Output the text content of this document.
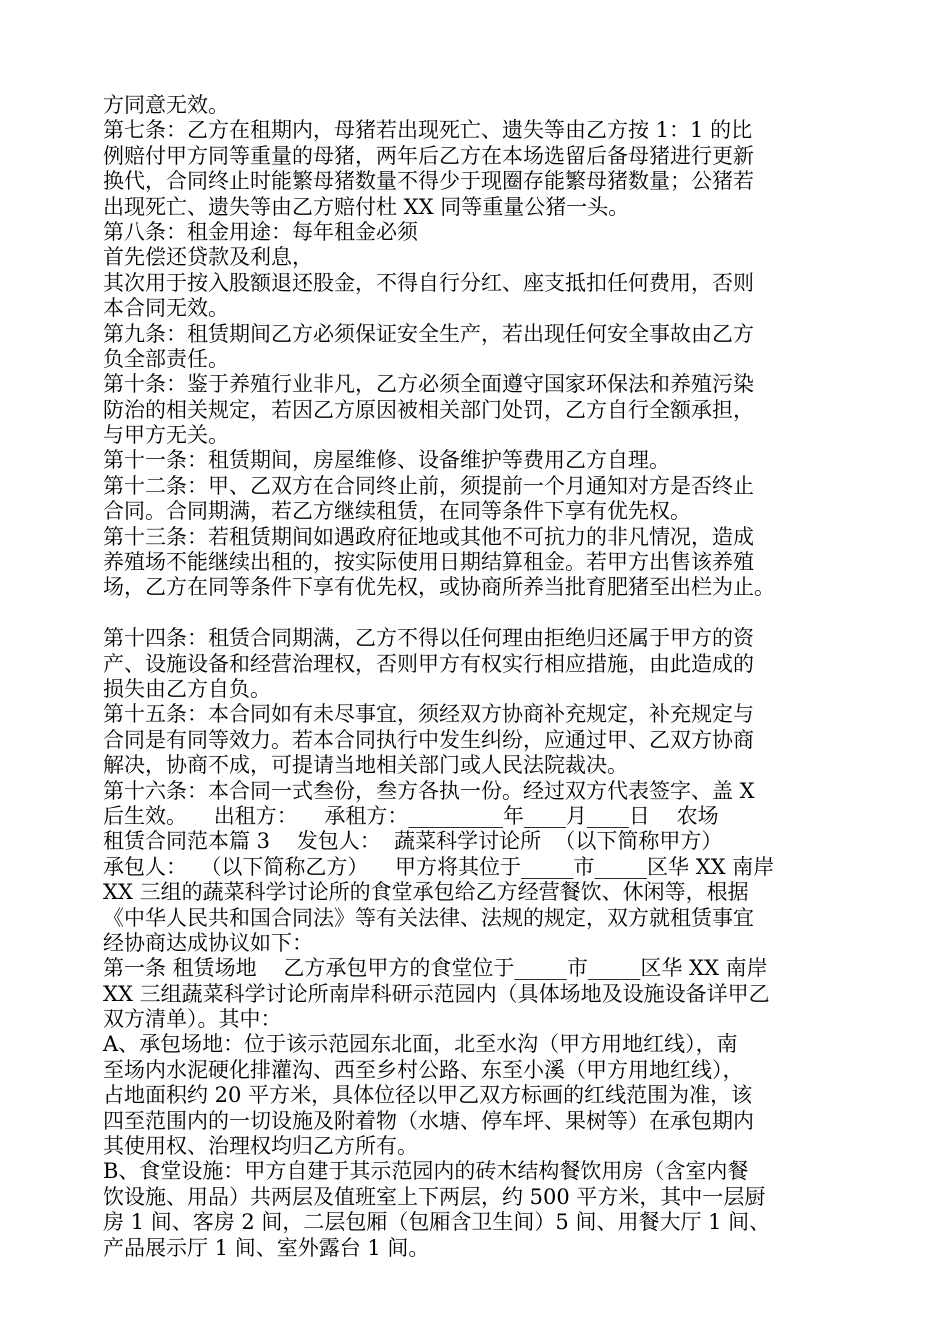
方同意无效。
第七条：乙方在租期内，母猪若出现死亡、遗失等由乙方按 1：1 的比
例赔付甲方同等重量的母猪，两年后乙方在本场选留后备母猪进行更新
换代，合同终止时能繁母猪数量不得少于现圈存能繁母猪数量；公猪若
出现死亡、遗失等由乙方赔付杜 XX 同等重量公猪一头。
第八条：租金用途：每年租金必须
首先偿还贷款及利息，
其次用于按入股额退还股金，不得自行分红、座支抵扣任何费用，否则
本合同无效。
第九条：租赁期间乙方必须保证安全生产，若出现任何安全事故由乙方
负全部责任。
第十条：鉴于养殖行业非凡，乙方必须全面遵守国家环保法和养殖污染
防治的相关规定，若因乙方原因被相关部门处罚，乙方自行全额承担，
与甲方无关。
第十一条：租赁期间，房屋维修、设备维护等费用乙方自理。
第十二条：甲、乙双方在合同终止前，须提前一个月通知对方是否终止
合同。合同期满，若乙方继续租赁，在同等条件下享有优先权。
第十三条：若租赁期间如遇政府征地或其他不可抗力的非凡情况，造成
养殖场不能继续出租的，按实际使用日期结算租金。若甲方出售该养殖
场，乙方在同等条件下享有优先权，或协商所养当批育肥猪至出栏为止。
第十四条：租赁合同期满，乙方不得以任何理由拒绝归还属于甲方的资
产、设施设备和经营治理权，否则甲方有权实行相应措施，由此造成的
损失由乙方自负。
第十五条：本合同如有未尽事宜，须经双方协商补充规定，补充规定与
合同是有同等效力。若本合同执行中发生纠纷，应通过甲、乙双方协商
解决，协商不成，可提请当地相关部门或人民法院裁决。
第十六条：本合同一式叁份，叁方各执一份。经过双方代表签字、盖 X
后生效。    出租方：    承租方：_________年____月____日    农场
租赁合同范本篇 3    发包人：  蔬菜科学讨论所  （以下简称甲方）
承包人：  （以下简称乙方）    甲方将其位于_____市_____区华 XX 南岸
XX 三组的蔬菜科学讨论所的食堂承包给乙方经营餐饮、休闲等，根据
《中华人民共和国合同法》等有关法律、法规的规定，双方就租赁事宜
经协商达成协议如下：
第一条 租赁场地    乙方承包甲方的食堂位于_____市_____区华 XX 南岸
XX 三组蔬菜科学讨论所南岸科研示范园内（具体场地及设施设备详甲乙
双方清单）。其中：
A、承包场地：位于该示范园东北面，北至水沟（甲方用地红线），南
至场内水泥硬化排灌沟、西至乡村公路、东至小溪（甲方用地红线），
占地面积约 20 平方米，具体位径以甲乙双方标画的红线范围为准，该
四至范围内的一切设施及附着物（水塘、停车坪、果树等）在承包期内
其使用权、治理权均归乙方所有。
B、食堂设施：甲方自建于其示范园内的砖木结构餐饮用房（含室内餐
饮设施、用品）共两层及值班室上下两层，约 500 平方米，其中一层厨
房 1 间、客房 2 间，二层包厢（包厢含卫生间）5 间、用餐大厅 1 间、
产品展示厅 1 间、室外露台 1 间。
